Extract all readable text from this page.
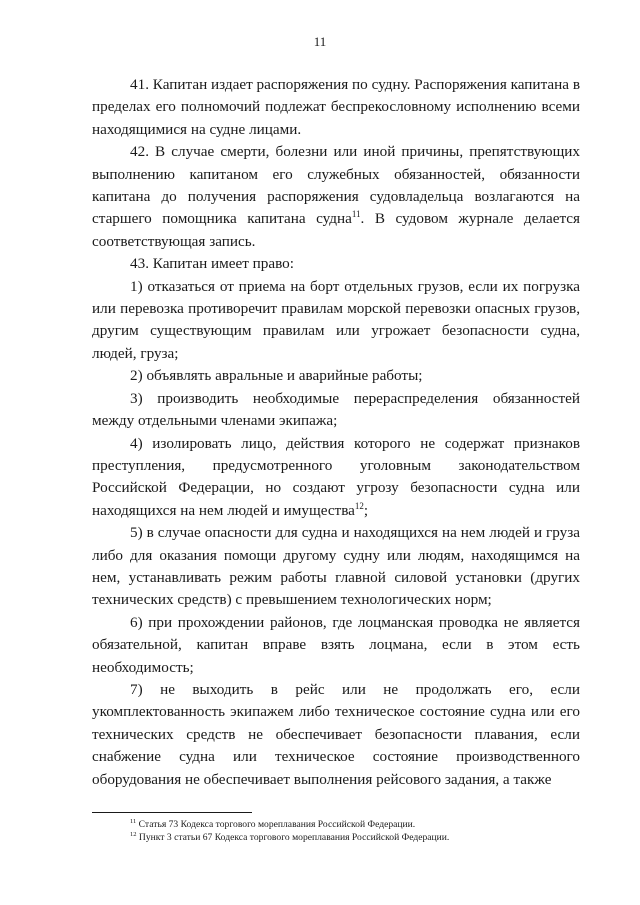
11

41. Капитан издает распоряжения по судну. Распоряжения капитана в пределах его полномочий подлежат беспрекословному исполнению всеми находящимися на судне лицами.

42. В случае смерти, болезни или иной причины, препятствующих выполнению капитаном его служебных обязанностей, обязанности капитана до получения распоряжения судовладельца возлагаются на старшего помощника капитана судна$^{11}$. В судовом журнале делается соответствующая запись.

43. Капитан имеет право:

1) отказаться от приема на борт отдельных грузов, если их погрузка или перевозка противоречит правилам морской перевозки опасных грузов, другим существующим правилам или угрожает безопасности судна, людей, груза;

2) объявлять авральные и аварийные работы;

3) производить необходимые перераспределения обязанностей между отдельными членами экипажа;

4) изолировать лицо, действия которого не содержат признаков преступления, предусмотренного уголовным законодательством Российской Федерации, но создают угрозу безопасности судна или находящихся на нем людей и имущества$^{12}$;

5) в случае опасности для судна и находящихся на нем людей и груза либо для оказания помощи другому судну или людям, находящимся на нем, устанавливать режим работы главной силовой установки (других технических средств) с превышением технологических норм;

6) при прохождении районов, где лоцманская проводка не является обязательной, капитан вправе взять лоцмана, если в этом есть необходимость;

7) не выходить в рейс или не продолжать его, если укомплектованность экипажем либо техническое состояние судна или его технических средств не обеспечивает безопасности плавания, если снабжение судна или техническое состояние производственного оборудования не обеспечивает выполнения рейсового задания, а также

$^{11}$ Статья 73 Кодекса торгового мореплавания Российской Федерации.

$^{12}$ Пункт 3 статьи 67 Кодекса торгового мореплавания Российской Федерации.
